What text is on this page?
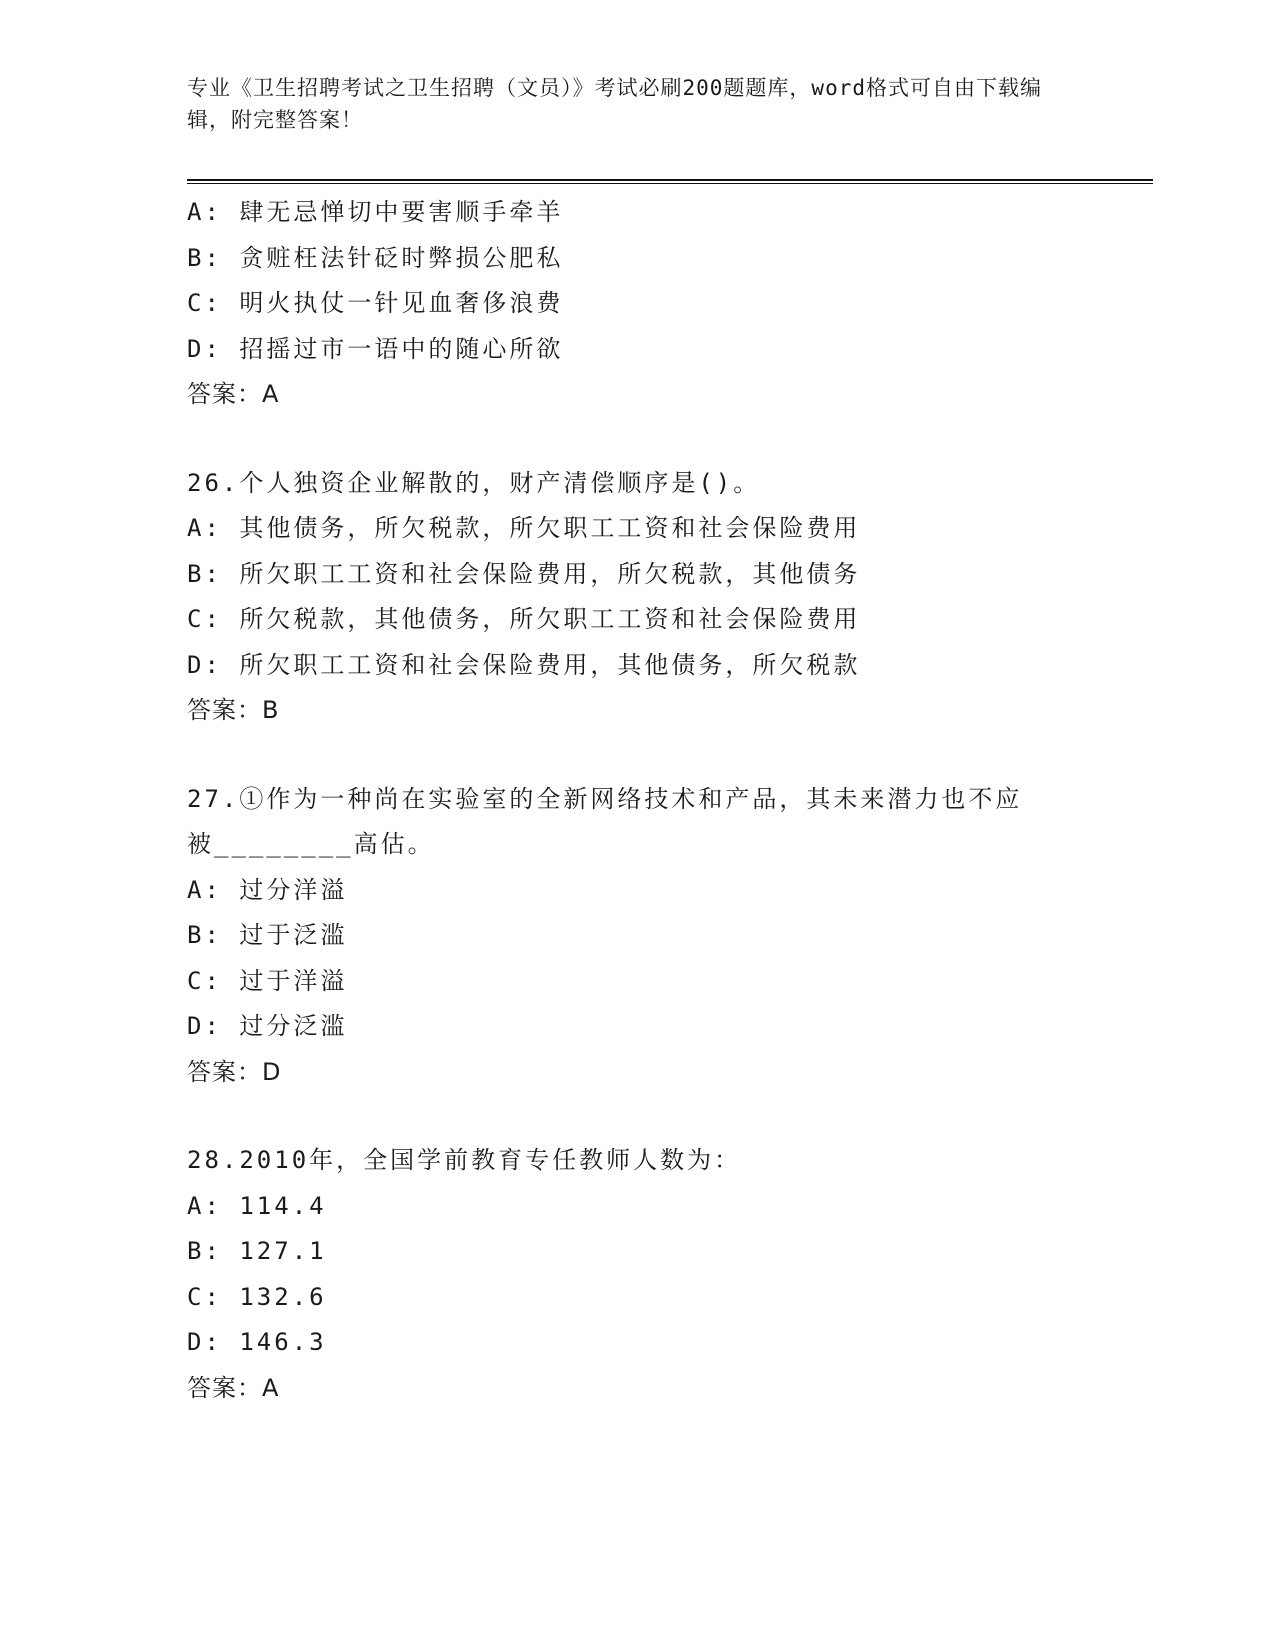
专业《卫生招聘考试之卫生招聘（文员）》考试必刷200题题库，word格式可自由下载编辑，附完整答案！
A: 肆无忌惮切中要害顺手牵羊
B: 贪赃枉法针砭时弊损公肥私
C: 明火执仗一针见血奢侈浪费
D: 招摇过市一语中的随心所欲
答案：A
26.个人独资企业解散的，财产清偿顺序是()。
A: 其他债务，所欠税款，所欠职工工资和社会保险费用
B: 所欠职工工资和社会保险费用，所欠税款，其他债务
C: 所欠税款，其他债务，所欠职工工资和社会保险费用
D: 所欠职工工资和社会保险费用，其他债务，所欠税款
答案：B
27.①作为一种尚在实验室的全新网络技术和产品，其未来潜力也不应
被________高估。
A: 过分洋溢
B: 过于泛滥
C: 过于洋溢
D: 过分泛滥
答案：D
28.2010年，全国学前教育专任教师人数为：
A: 114.4
B: 127.1
C: 132.6
D: 146.3
答案：A
